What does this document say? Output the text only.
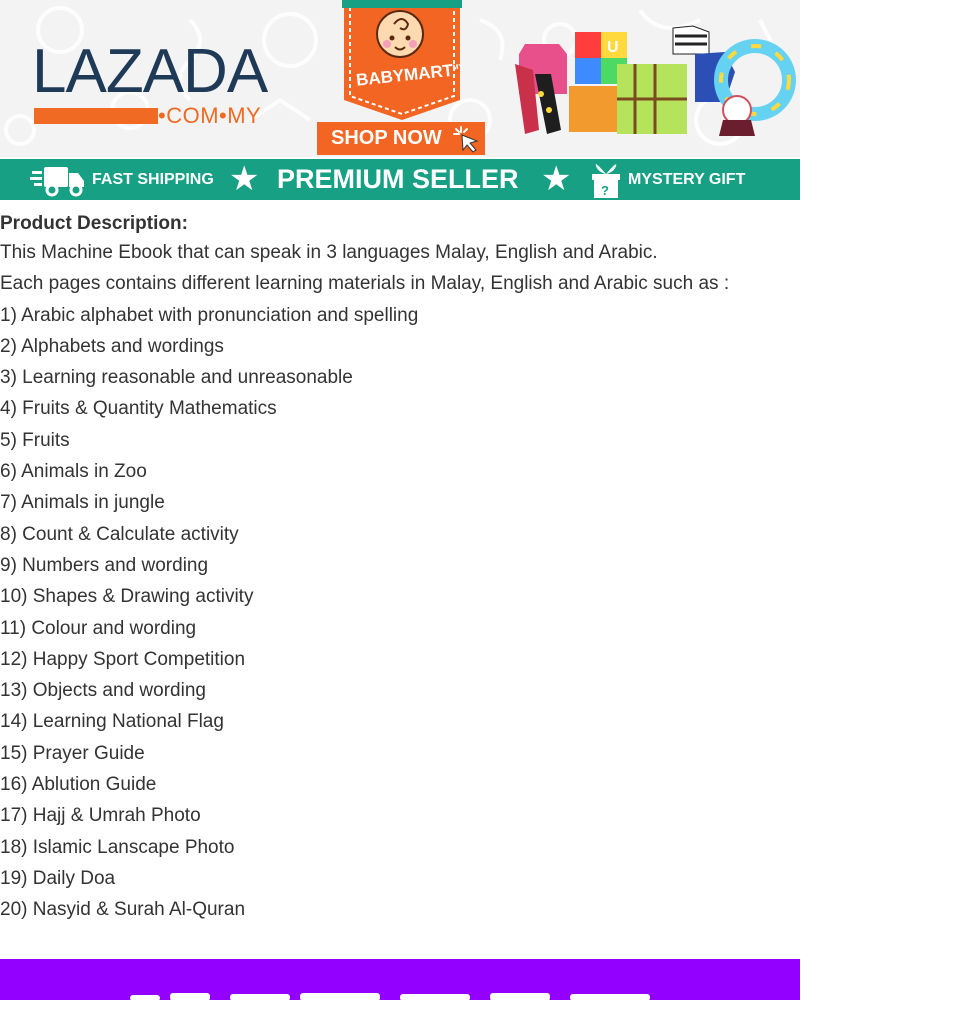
LAZADA
•COM•MY
$BABYMART^{MY}$
SHOP NOW
U
FAST SHIPPING ★ PREMIUM SELLER ★	MYSTERY GIFT
?
Product Description:

This Machine Ebook that can speak in 3 languages Malay, English and Arabic.

Each pages contains different learning materials in Malay, English and Arabic such as :

1) Arabic alphabet with pronunciation and spelling
2) Alphabets and wordings
3) Learning reasonable and unreasonable
4) Fruits & Quantity Mathematics
5) Fruits
6) Animals in Zoo
7) Animals in jungle
8) Count & Calculate activity
9) Numbers and wording
10) Shapes & Drawing activity
11) Colour and wording
12) Happy Sport Competition
13) Objects and wording
14) Learning National Flag
15) Prayer Guide
16) Ablution Guide
17) Hajj & Umrah Photo
18) Islamic Lanscape Photo
19) Daily Doa
20) Nasyid & Surah Al-Quran
